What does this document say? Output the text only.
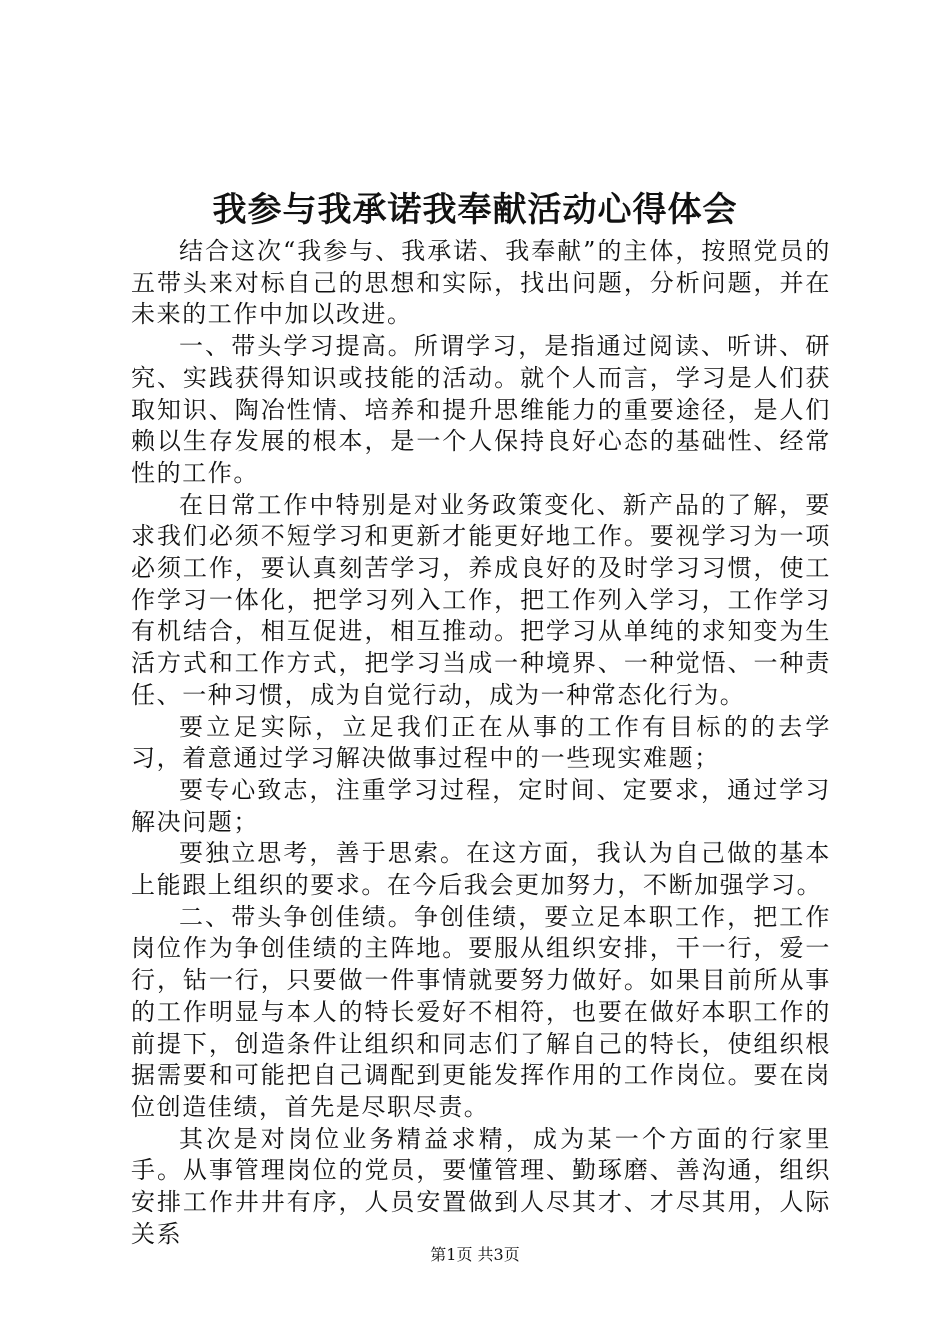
我参与我承诺我奉献活动心得体会

结合这次“我参与、我承诺、我奉献”的主体，按照党员的五带头来对标自己的思想和实际，找出问题，分析问题，并在未来的工作中加以改进。

一、带头学习提高。所谓学习，是指通过阅读、听讲、研究、实践获得知识或技能的活动。就个人而言，学习是人们获取知识、陶冶性情、培养和提升思维能力的重要途径，是人们赖以生存发展的根本，是一个人保持良好心态的基础性、经常性的工作。

在日常工作中特别是对业务政策变化、新产品的了解，要求我们必须不短学习和更新才能更好地工作。要视学习为一项必须工作，要认真刻苦学习，养成良好的及时学习习惯，使工作学习一体化，把学习列入工作，把工作列入学习，工作学习有机结合，相互促进，相互推动。把学习从单纯的求知变为生活方式和工作方式，把学习当成一种境界、一种觉悟、一种责任、一种习惯，成为自觉行动，成为一种常态化行为。

要立足实际，立足我们正在从事的工作有目标的的去学习，着意通过学习解决做事过程中的一些现实难题；

要专心致志，注重学习过程，定时间、定要求，通过学习解决问题；

要独立思考，善于思索。在这方面，我认为自己做的基本上能跟上组织的要求。在今后我会更加努力，不断加强学习。

二、带头争创佳绩。争创佳绩，要立足本职工作，把工作岗位作为争创佳绩的主阵地。要服从组织安排，干一行，爱一行，钻一行，只要做一件事情就要努力做好。如果目前所从事的工作明显与本人的特长爱好不相符，也要在做好本职工作的前提下，创造条件让组织和同志们了解自己的特长，使组织根据需要和可能把自己调配到更能发挥作用的工作岗位。要在岗位创造佳绩，首先是尽职尽责。

其次是对岗位业务精益求精，成为某一个方面的行家里手。从事管理岗位的党员，要懂管理、勤琢磨、善沟通，组织安排工作井井有序，人员安置做到人尽其才、才尽其用，人际关系

第1页 共3页
